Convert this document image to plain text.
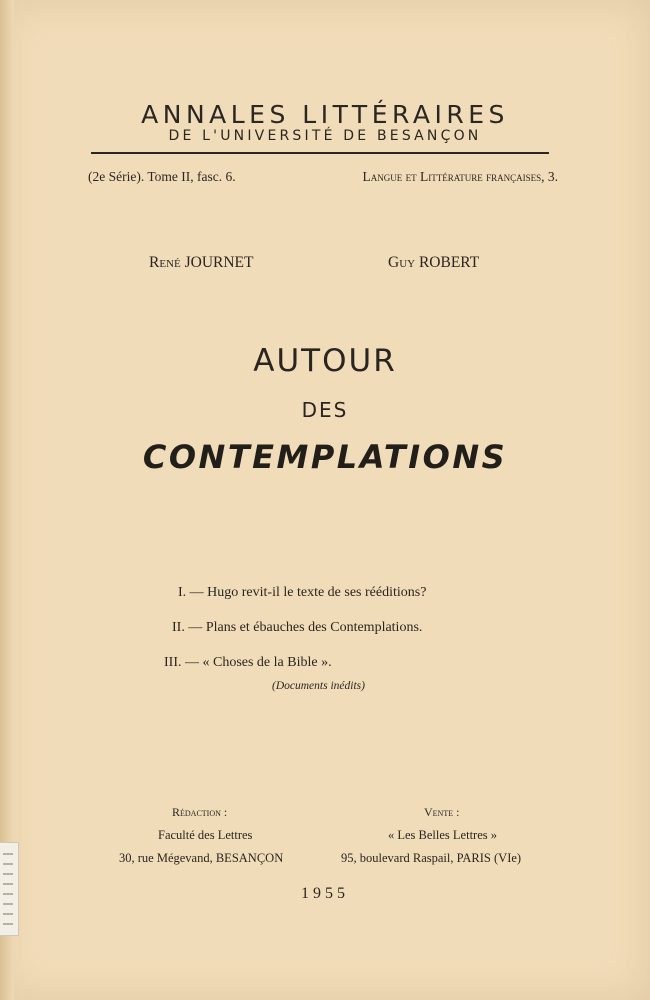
ANNALES LITTÉRAIRES
DE L'UNIVERSITÉ DE BESANÇON
(2e Série). Tome II, fasc. 6.	Langue et Littérature françaises, 3.
René JOURNET	Guy ROBERT
AUTOUR
DES
CONTEMPLATIONS
I. — Hugo revit-il le texte de ses rééditions?
II. — Plans et ébauches des Contemplations.
III. — « Choses de la Bible ».
(Documents inédits)
Rédaction :	Vente :
Faculté des Lettres	« Les Belles Lettres »
30, rue Mégevand, BESANÇON	95, boulevard Raspail, PARIS (VIe)
1955
